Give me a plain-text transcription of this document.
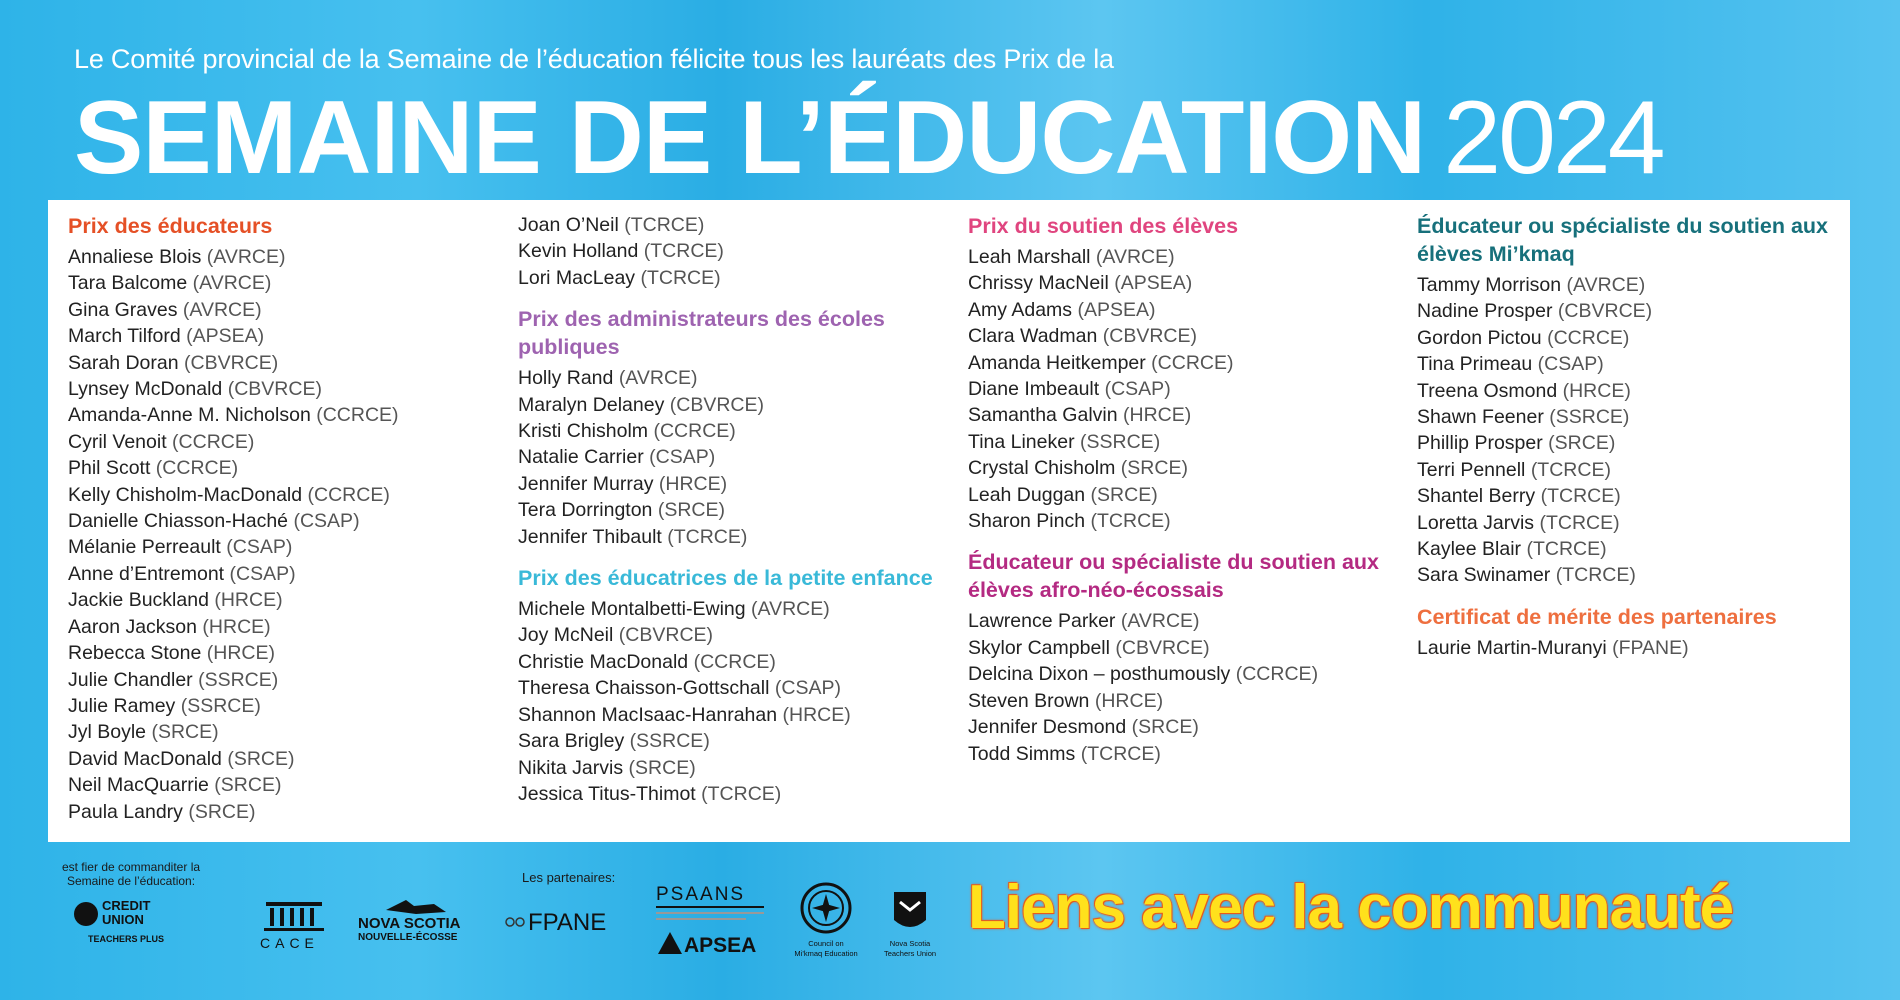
Le Comité provincial de la Semaine de l’éducation félicite tous les lauréats des Prix de la
SEMAINE DE L’ÉDUCATION 2024
Prix des éducateurs
Annaliese Blois (AVRCE)
Tara Balcome (AVRCE)
Gina Graves (AVRCE)
March Tilford (APSEA)
Sarah Doran (CBVRCE)
Lynsey McDonald (CBVRCE)
Amanda-Anne M. Nicholson (CCRCE)
Cyril Venoit (CCRCE)
Phil Scott (CCRCE)
Kelly Chisholm-MacDonald (CCRCE)
Danielle Chiasson-Haché (CSAP)
Mélanie Perreault (CSAP)
Anne d’Entremont (CSAP)
Jackie Buckland (HRCE)
Aaron Jackson (HRCE)
Rebecca Stone (HRCE)
Julie Chandler (SSRCE)
Julie Ramey (SSRCE)
Jyl Boyle (SRCE)
David MacDonald (SRCE)
Neil MacQuarrie (SRCE)
Paula Landry (SRCE)
Joan O’Neil (TCRCE)
Kevin Holland (TCRCE)
Lori MacLeay (TCRCE)
Prix des administrateurs des écoles publiques
Holly Rand (AVRCE)
Maralyn Delaney (CBVRCE)
Kristi Chisholm (CCRCE)
Natalie Carrier (CSAP)
Jennifer Murray (HRCE)
Tera Dorrington (SRCE)
Jennifer Thibault (TCRCE)
Prix des éducatrices de la petite enfance
Michele Montalbetti-Ewing (AVRCE)
Joy McNeil (CBVRCE)
Christie MacDonald (CCRCE)
Theresa Chaisson-Gottschall (CSAP)
Shannon MacIsaac-Hanrahan (HRCE)
Sara Brigley (SSRCE)
Nikita Jarvis (SRCE)
Jessica Titus-Thimot (TCRCE)
Prix du soutien des élèves
Leah Marshall (AVRCE)
Chrissy MacNeil (APSEA)
Amy Adams (APSEA)
Clara Wadman (CBVRCE)
Amanda Heitkemper (CCRCE)
Diane Imbeault (CSAP)
Samantha Galvin (HRCE)
Tina Lineker (SSRCE)
Crystal Chisholm (SRCE)
Leah Duggan (SRCE)
Sharon Pinch (TCRCE)
Éducateur ou spécialiste du soutien aux élèves afro-néo-écossais
Lawrence Parker (AVRCE)
Skylor Campbell (CBVRCE)
Delcina Dixon – posthumously (CCRCE)
Steven Brown (HRCE)
Jennifer Desmond (SRCE)
Todd Simms (TCRCE)
Éducateur ou spécialiste du soutien aux élèves Mi’kmaq
Tammy Morrison (AVRCE)
Nadine Prosper (CBVRCE)
Gordon Pictou (CCRCE)
Tina Primeau (CSAP)
Treena Osmond (HRCE)
Shawn Feener (SSRCE)
Phillip Prosper (SRCE)
Terri Pennell (TCRCE)
Shantel Berry (TCRCE)
Loretta Jarvis (TCRCE)
Kaylee Blair (TCRCE)
Sara Swinamer (TCRCE)
Certificat de mérite des partenaires
Laurie Martin-Muranyi (FPANE)
est fier de commanditer la Semaine de l’éducation:
CREDIT
UNION
TEACHERS PLUS	CACE
NOVA SCOTIA
NOUVELLE-ÉCOSSE
Les partenaires:
FPANE
PSAANS
APSEA	Council on
Mi’kmaq Education
Nova Scotia
Teachers Union
Liens avec la communauté
